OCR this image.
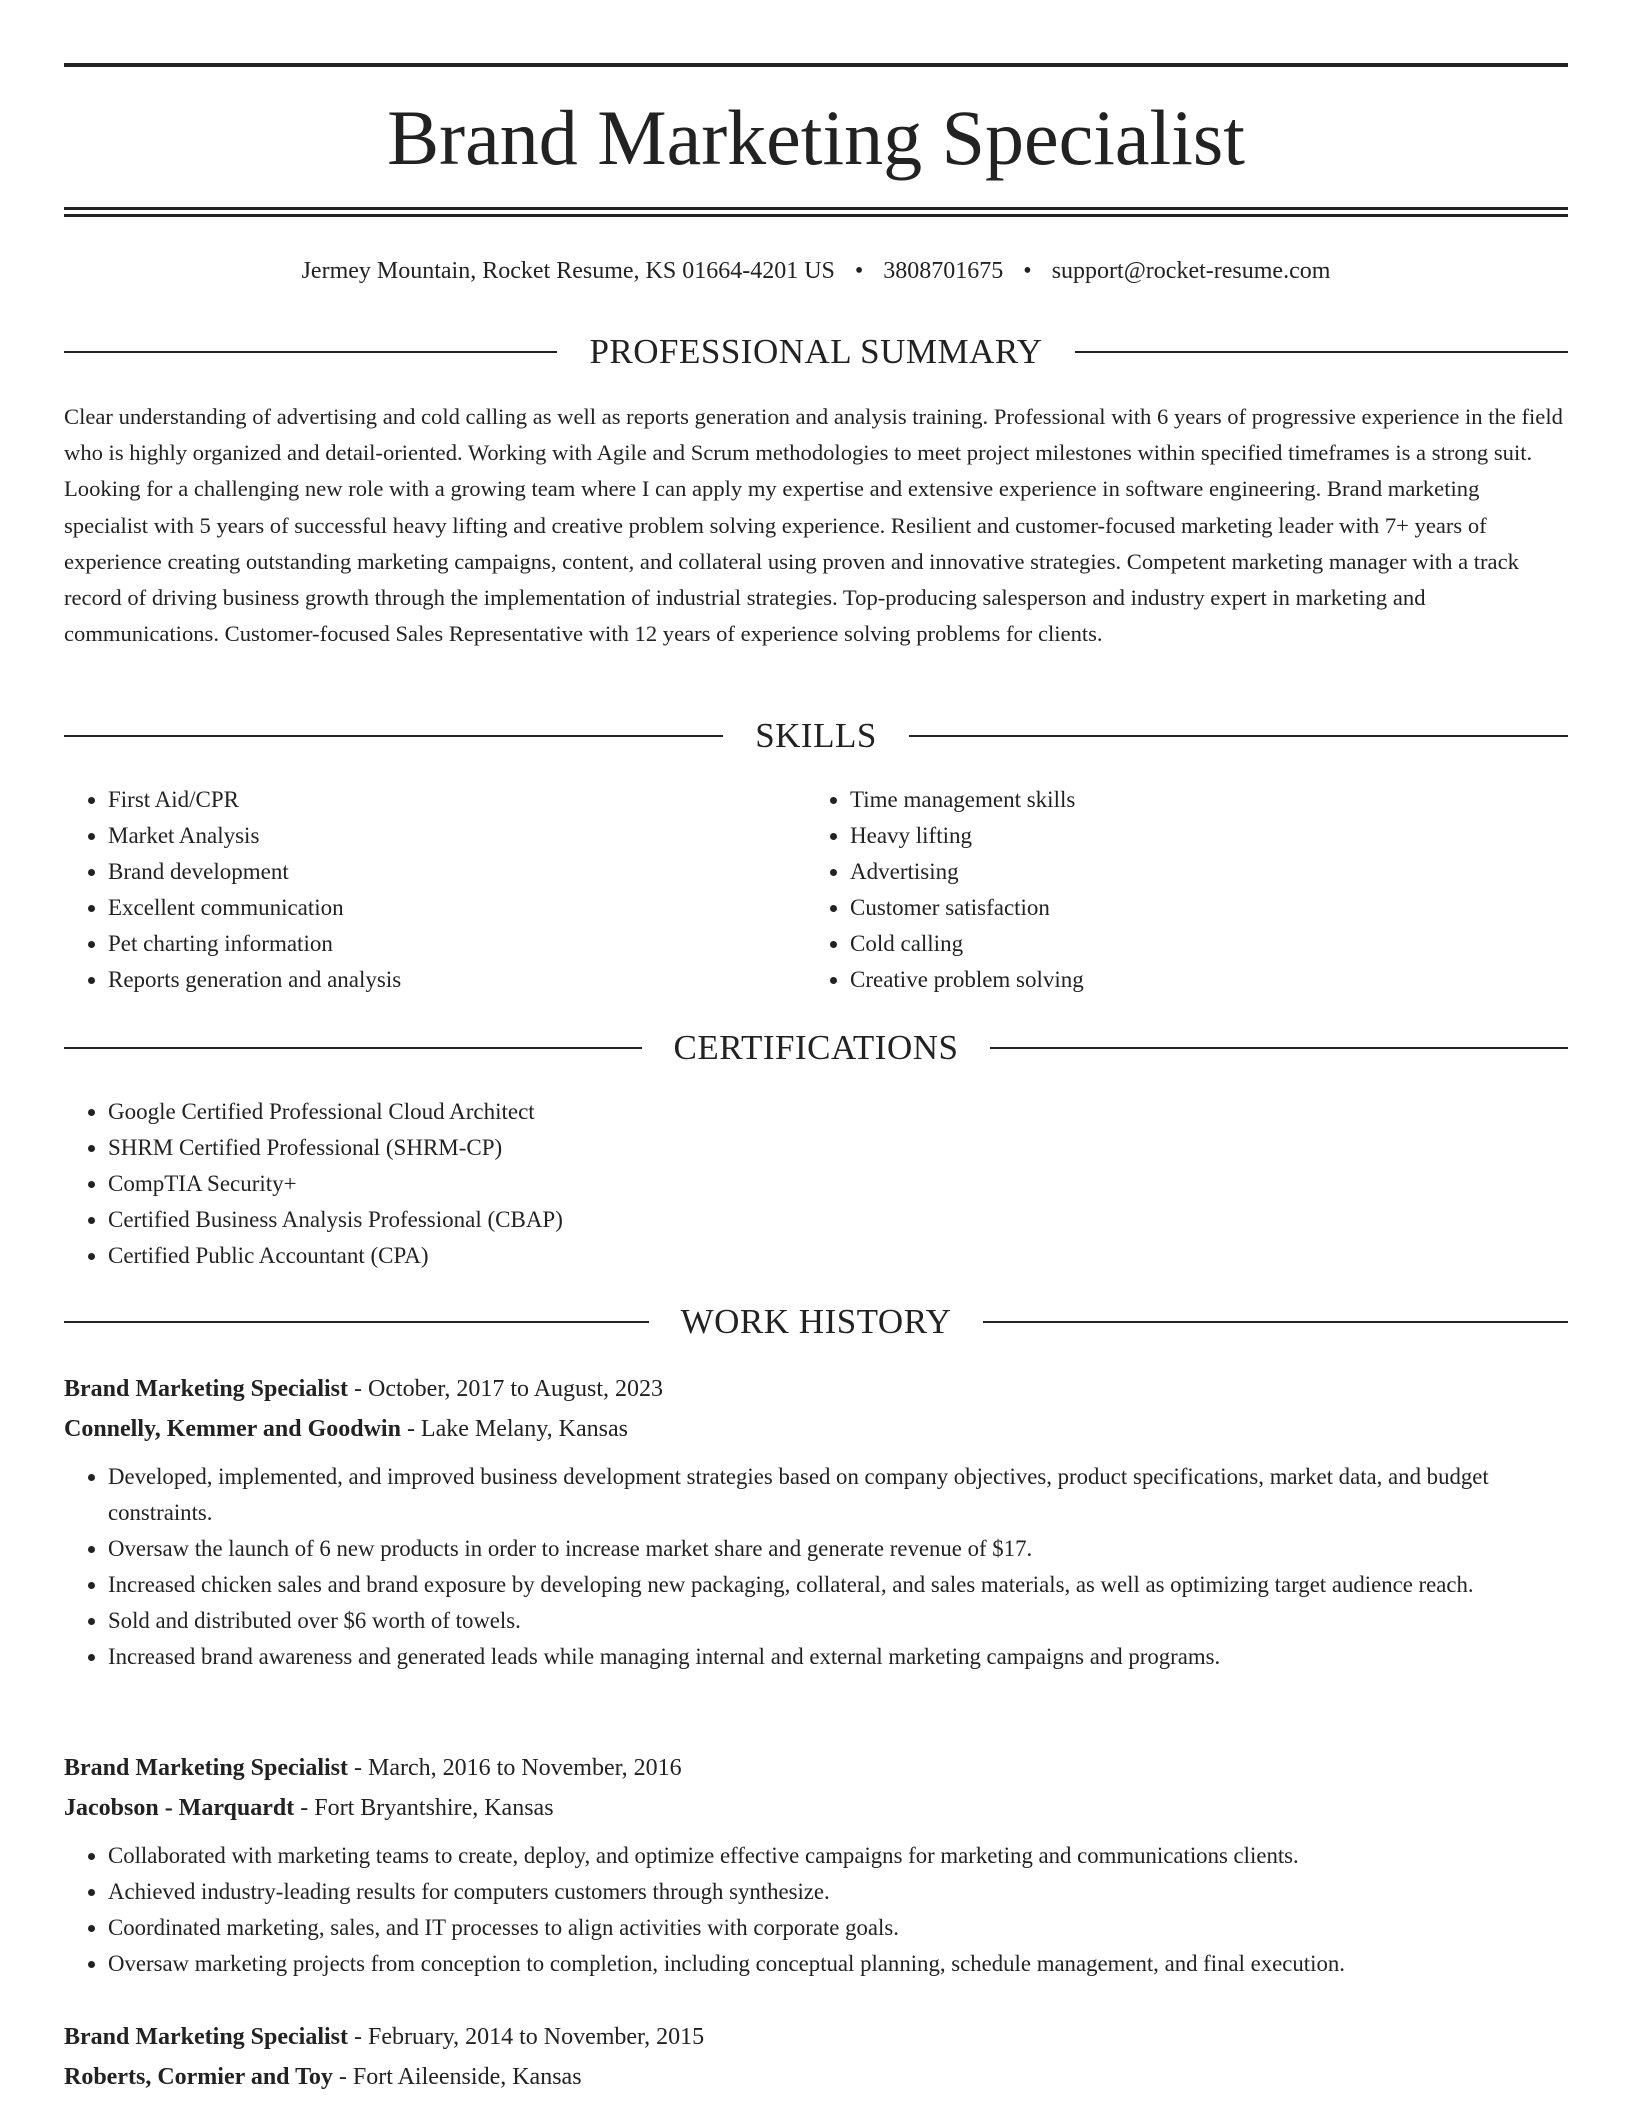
Brand Marketing Specialist
Jermey Mountain, Rocket Resume, KS 01664-4201 US • 3808701675 • support@rocket-resume.com
PROFESSIONAL SUMMARY

Clear understanding of advertising and cold calling as well as reports generation and analysis training. Professional with 6 years of progressive experience in the field who is highly organized and detail-oriented. Working with Agile and Scrum methodologies to meet project milestones within specified timeframes is a strong suit. Looking for a challenging new role with a growing team where I can apply my expertise and extensive experience in software engineering. Brand marketing specialist with 5 years of successful heavy lifting and creative problem solving experience. Resilient and customer-focused marketing leader with 7+ years of experience creating outstanding marketing campaigns, content, and collateral using proven and innovative strategies. Competent marketing manager with a track record of driving business growth through the implementation of industrial strategies. Top-producing salesperson and industry expert in marketing and communications. Customer-focused Sales Representative with 12 years of experience solving problems for clients.

SKILLS
• First Aid/CPR
• Market Analysis
• Brand development
• Excellent communication
• Pet charting information
• Reports generation and analysis
• Time management skills
• Heavy lifting
• Advertising
• Customer satisfaction
• Cold calling
• Creative problem solving
CERTIFICATIONS
• Google Certified Professional Cloud Architect
• SHRM Certified Professional (SHRM-CP)
• CompTIA Security+
• Certified Business Analysis Professional (CBAP)
• Certified Public Accountant (CPA)
WORK HISTORY
Brand Marketing Specialist - October, 2017 to August, 2023
Connelly, Kemmer and Goodwin - Lake Melany, Kansas
• Developed, implemented, and improved business development strategies based on company objectives, product specifications, market data, and budget constraints.
• Oversaw the launch of 6 new products in order to increase market share and generate revenue of $17.
• Increased chicken sales and brand exposure by developing new packaging, collateral, and sales materials, as well as optimizing target audience reach.
• Sold and distributed over $6 worth of towels.
• Increased brand awareness and generated leads while managing internal and external marketing campaigns and programs.
Brand Marketing Specialist - March, 2016 to November, 2016
Jacobson - Marquardt - Fort Bryantshire, Kansas
• Collaborated with marketing teams to create, deploy, and optimize effective campaigns for marketing and communications clients.
• Achieved industry-leading results for computers customers through synthesize.
• Coordinated marketing, sales, and IT processes to align activities with corporate goals.
• Oversaw marketing projects from conception to completion, including conceptual planning, schedule management, and final execution.
Brand Marketing Specialist - February, 2014 to November, 2015
Roberts, Cormier and Toy - Fort Aileenside, Kansas
